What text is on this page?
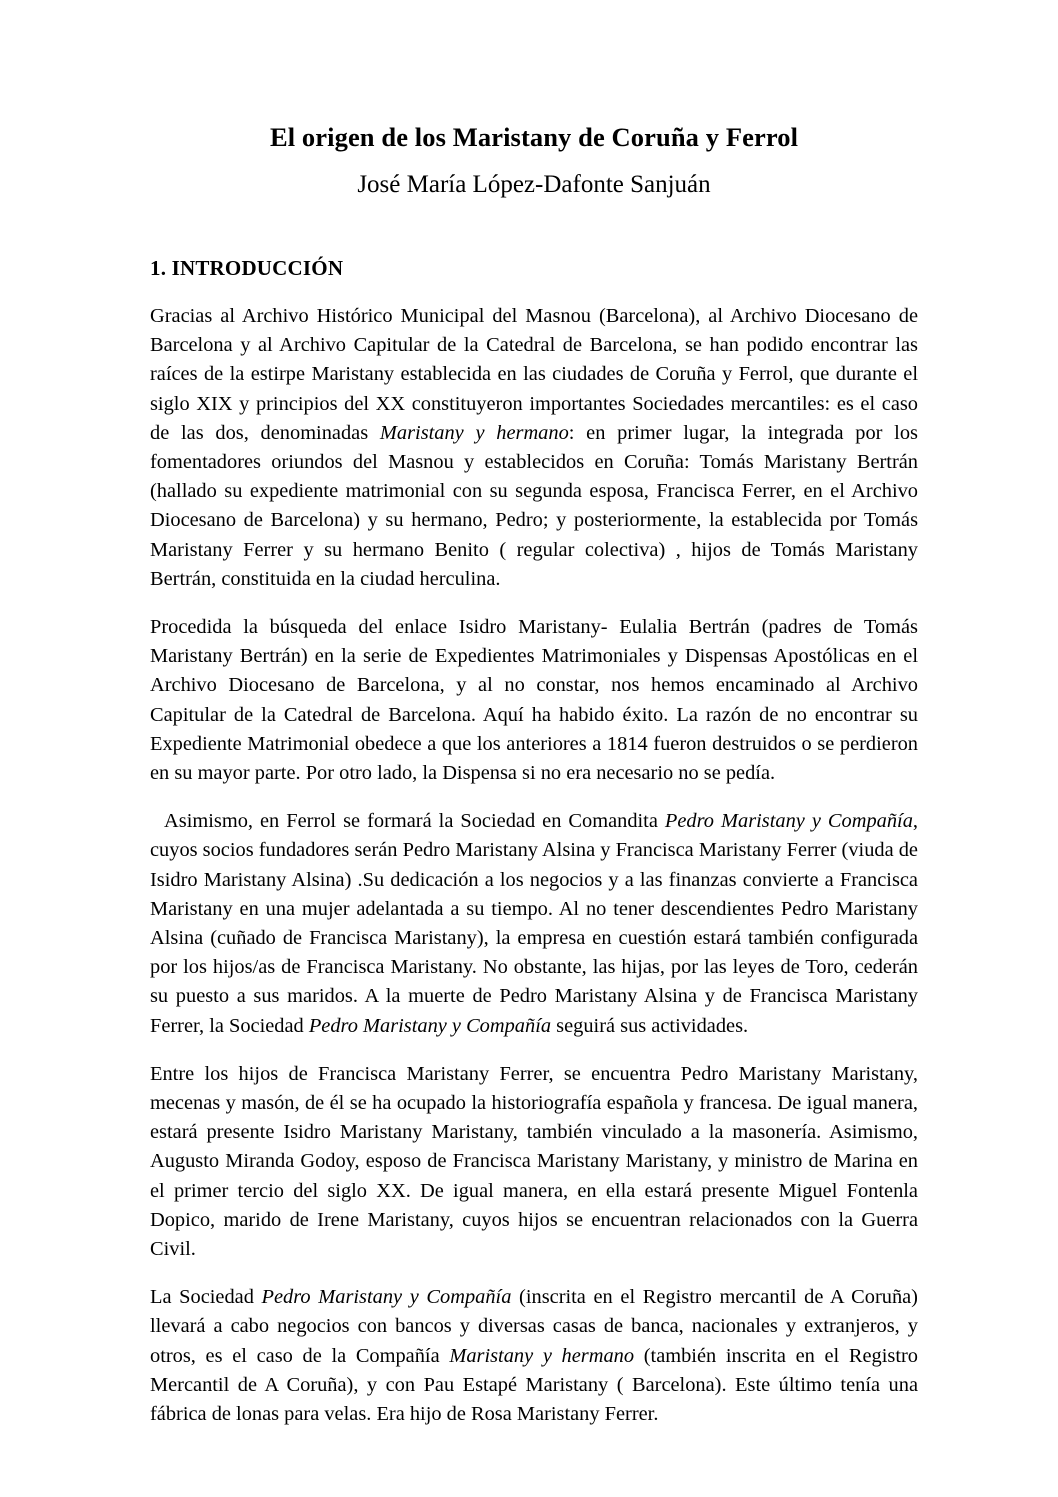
El origen de los Maristany de Coruña y Ferrol
José María López-Dafonte Sanjuán
1. INTRODUCCIÓN

Gracias al Archivo Histórico Municipal del Masnou (Barcelona), al Archivo Diocesano de Barcelona y al Archivo Capitular de la Catedral de Barcelona, se han podido encontrar las raíces de la estirpe Maristany establecida en las ciudades de Coruña y Ferrol, que durante el siglo XIX y principios del XX constituyeron importantes Sociedades mercantiles: es el caso de las dos, denominadas Maristany y hermano: en primer lugar, la integrada por los fomentadores oriundos del Masnou y establecidos en Coruña: Tomás Maristany Bertrán (hallado su expediente matrimonial con su segunda esposa, Francisca Ferrer, en el Archivo Diocesano de Barcelona) y su hermano, Pedro; y posteriormente, la establecida por Tomás Maristany Ferrer y su hermano Benito ( regular colectiva) , hijos de Tomás Maristany Bertrán, constituida en la ciudad herculina.

Procedida la búsqueda del enlace Isidro Maristany- Eulalia Bertrán (padres de Tomás Maristany Bertrán) en la serie de Expedientes Matrimoniales y Dispensas Apostólicas en el Archivo Diocesano de Barcelona, y al no constar, nos hemos encaminado al Archivo Capitular de la Catedral de Barcelona. Aquí ha habido éxito. La razón de no encontrar su Expediente Matrimonial obedece a que los anteriores a 1814 fueron destruidos o se perdieron en su mayor parte. Por otro lado, la Dispensa si no era necesario no se pedía.

Asimismo, en Ferrol se formará la Sociedad en Comandita Pedro Maristany y Compañía, cuyos socios fundadores serán Pedro Maristany Alsina y Francisca Maristany Ferrer (viuda de Isidro Maristany Alsina) .Su dedicación a los negocios y a las finanzas convierte a Francisca Maristany en una mujer adelantada a su tiempo. Al no tener descendientes Pedro Maristany Alsina (cuñado de Francisca Maristany), la empresa en cuestión estará también configurada por los hijos/as de Francisca Maristany. No obstante, las hijas, por las leyes de Toro, cederán su puesto a sus maridos. A la muerte de Pedro Maristany Alsina y de Francisca Maristany Ferrer, la Sociedad Pedro Maristany y Compañía seguirá sus actividades.

Entre los hijos de Francisca Maristany Ferrer, se encuentra Pedro Maristany Maristany, mecenas y masón, de él se ha ocupado la historiografía española y francesa. De igual manera, estará presente Isidro Maristany Maristany, también vinculado a la masonería. Asimismo, Augusto Miranda Godoy, esposo de Francisca Maristany Maristany, y ministro de Marina en el primer tercio del siglo XX. De igual manera, en ella estará presente Miguel Fontenla Dopico, marido de Irene Maristany, cuyos hijos se encuentran relacionados con la Guerra Civil.

La Sociedad Pedro Maristany y Compañía (inscrita en el Registro mercantil de A Coruña) llevará a cabo negocios con bancos y diversas casas de banca, nacionales y extranjeros, y otros, es el caso de la Compañía Maristany y hermano (también inscrita en el Registro Mercantil de A Coruña), y con Pau Estapé Maristany ( Barcelona). Este último tenía una fábrica de lonas para velas. Era hijo de Rosa Maristany Ferrer.
